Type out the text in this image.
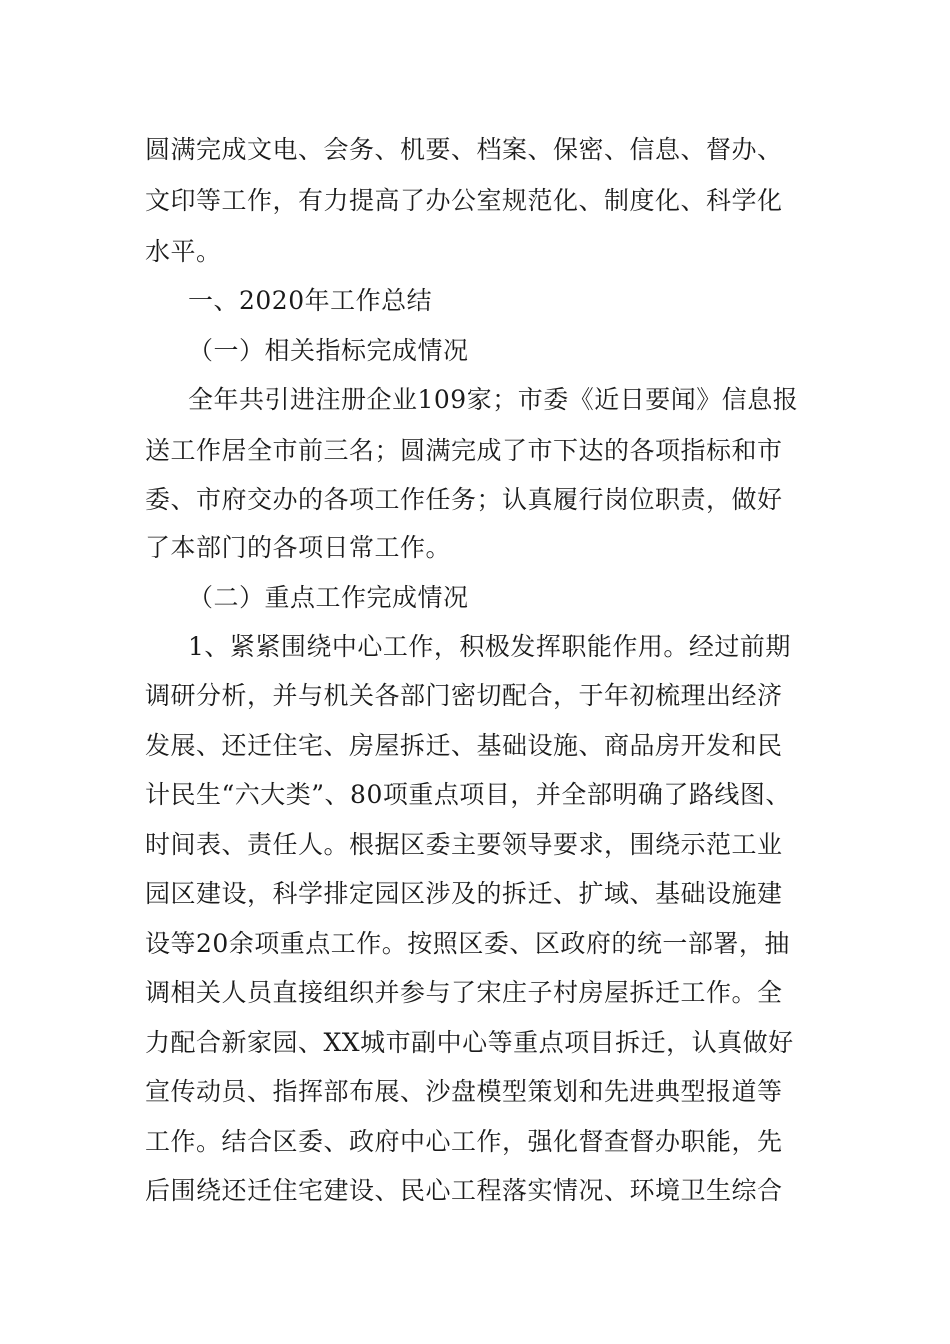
圆满完成文电、会务、机要、档案、保密、信息、督办、
文印等工作，有力提高了办公室规范化、制度化、科学化
水平。
一、2020年工作总结
（一）相关指标完成情况
全年共引进注册企业109家；市委《近日要闻》信息报
送工作居全市前三名；圆满完成了市下达的各项指标和市
委、市府交办的各项工作任务；认真履行岗位职责，做好
了本部门的各项日常工作。
（二）重点工作完成情况
1、紧紧围绕中心工作，积极发挥职能作用。经过前期
调研分析，并与机关各部门密切配合，于年初梳理出经济
发展、还迁住宅、房屋拆迁、基础设施、商品房开发和民
计民生“六大类”、80项重点项目，并全部明确了路线图、
时间表、责任人。根据区委主要领导要求，围绕示范工业
园区建设，科学排定园区涉及的拆迁、扩域、基础设施建
设等20余项重点工作。按照区委、区政府的统一部署，抽
调相关人员直接组织并参与了宋庄子村房屋拆迁工作。全
力配合新家园、XX城市副中心等重点项目拆迁，认真做好
宣传动员、指挥部布展、沙盘模型策划和先进典型报道等
工作。结合区委、政府中心工作，强化督查督办职能，先
后围绕还迁住宅建设、民心工程落实情况、环境卫生综合
